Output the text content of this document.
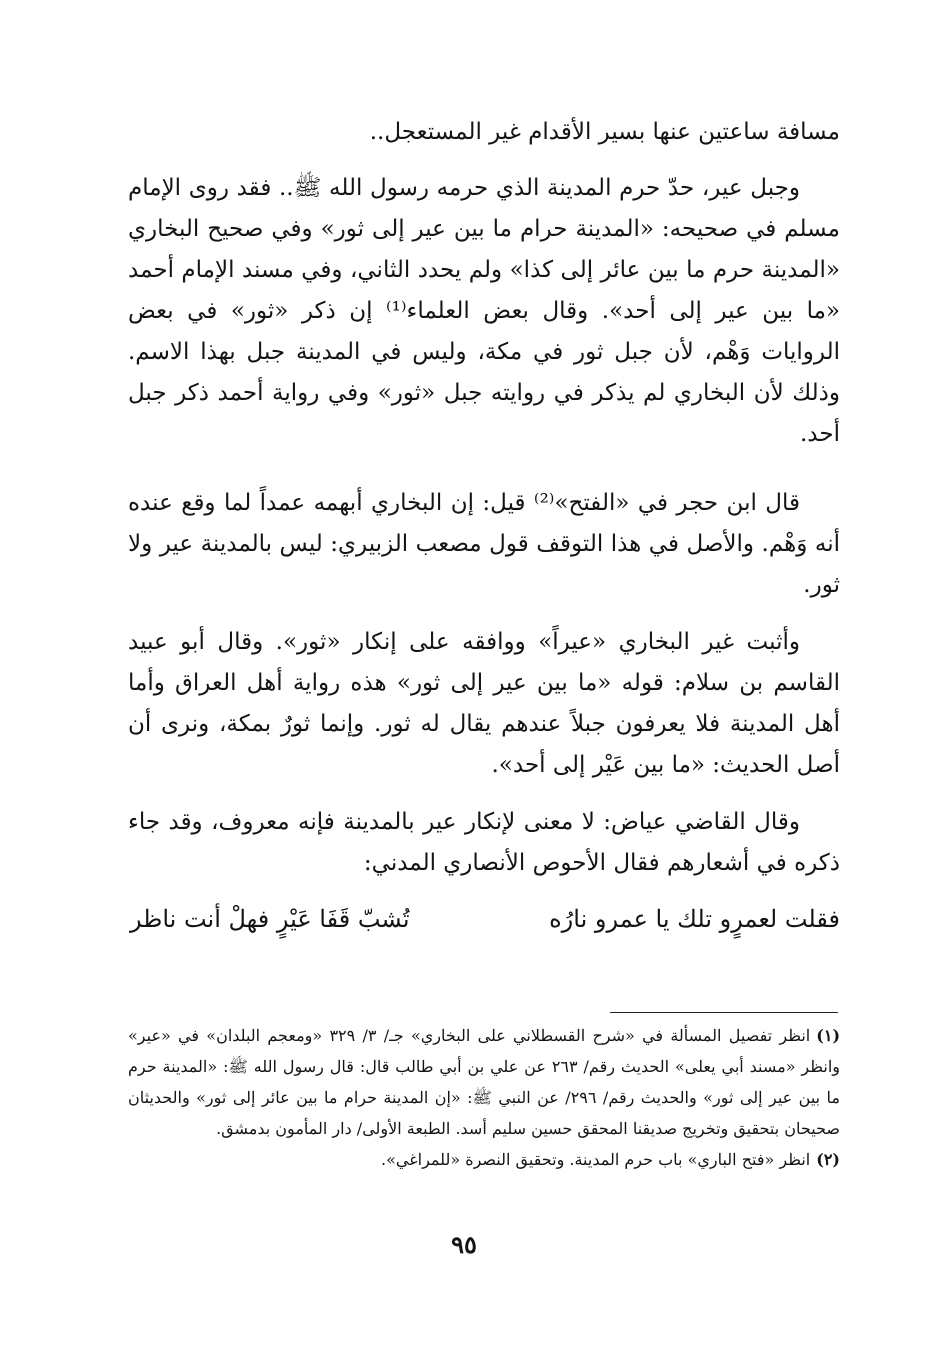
مسافة ساعتين عنها بسير الأقدام غير المستعجل..

وجبل عير، حدّ حرم المدينة الذي حرمه رسول الله ﷺ.. فقد روى الإمام مسلم في صحيحه: «المدينة حرام ما بين عير إلى ثور» وفي صحيح البخاري «المدينة حرم ما بين عائر إلى كذا» ولم يحدد الثاني، وفي مسند الإمام أحمد «ما بين عير إلى أحد». وقال بعض العلماء⁽¹⁾ إن ذكر «ثور» في بعض الروايات وَهْم، لأن جبل ثور في مكة، وليس في المدينة جبل بهذا الاسم. وذلك لأن البخاري لم يذكر في روايته جبل «ثور» وفي رواية أحمد ذكر جبل أحد.

قال ابن حجر في «الفتح»⁽²⁾ قيل: إن البخاري أبهمه عمداً لما وقع عنده أنه وَهْم. والأصل في هذا التوقف قول مصعب الزبيري: ليس بالمدينة عير ولا ثور.

وأثبت غير البخاري «عيراً» ووافقه على إنكار «ثور». وقال أبو عبيد القاسم بن سلام: قوله «ما بين عير إلى ثور» هذه رواية أهل العراق وأما أهل المدينة فلا يعرفون جبلاً عندهم يقال له ثور. وإنما ثورٌ بمكة، ونرى أن أصل الحديث: «ما بين عَيْر إلى أحد».

وقال القاضي عياض: لا معنى لإنكار عير بالمدينة فإنه معروف، وقد جاء ذكره في أشعارهم فقال الأحوص الأنصاري المدني:

فقلت لعمرٍو تلك يا عمرو نارُه
تُشبّ قَفَا عَيْرٍ فهلْ أنت ناظر

(١)انظر تفصيل المسألة في «شرح القسطلاني على البخاري» جـ/ ٣/ ٣٢٩ «ومعجم البلدان» في «عير» وانظر «مسند أبي يعلى» الحديث رقم/ ٢٦٣ عن علي بن أبي طالب قال: قال رسول الله ﷺ: «المدينة حرم ما بين عير إلى ثور» والحديث رقم/ ٢٩٦/ عن النبي ﷺ: «إن المدينة حرام ما بين عائر إلى ثور» والحديثان صحيحان بتحقيق وتخريج صديقنا المحقق حسين سليم أسد. الطبعة الأولى/ دار المأمون بدمشق.

(٢)انظر «فتح الباري» باب حرم المدينة. وتحقيق النصرة «للمراغي».

٩٥
